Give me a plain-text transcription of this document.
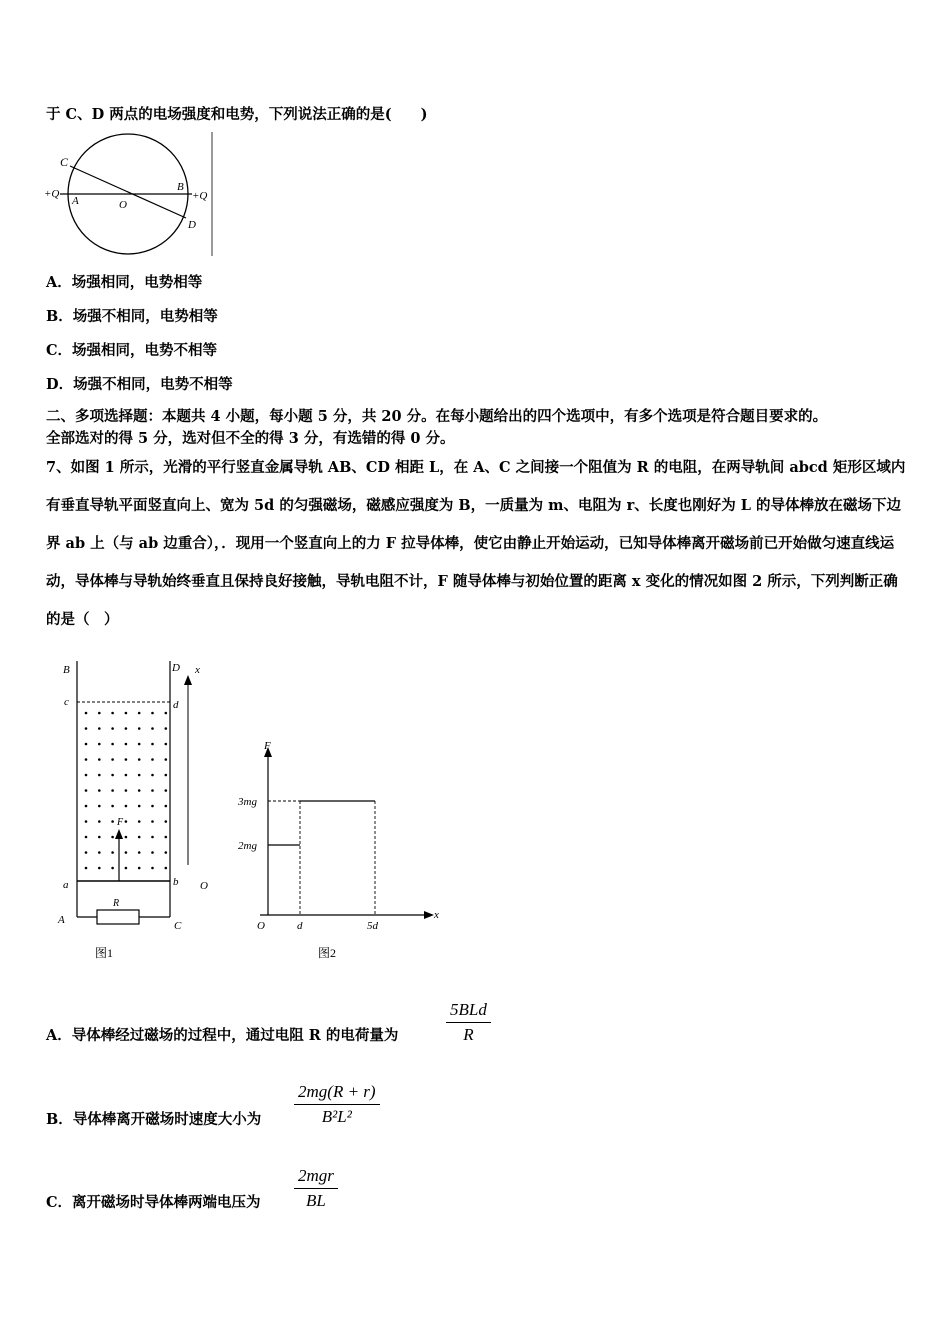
于 C、D 两点的电场强度和电势，下列说法正确的是(　　)
C
+Q
A	O
B
+Q
D
A．场强相同，电势相等
B．场强不相同，电势相等
C．场强相同，电势不相等
D．场强不相同，电势不相等
二、多项选择题：本题共 4 小题，每小题 5 分，共 20 分。在每小题给出的四个选项中，有多个选项是符合题目要求的。
全部选对的得 5 分，选对但不全的得 3 分，有选错的得 0 分。
7、如图 1 所示，光滑的平行竖直金属导轨 AB、CD 相距 L，在 A、C 之间接一个阻值为 R 的电阻，在两导轨间 abcd 矩形区域内有垂直导轨平面竖直向上、宽为 5d 的匀强磁场，磁感应强度为 B，一质量为 m、电阻为 r、长度也刚好为 L 的导体棒放在磁场下边界 ab 上（与 ab 边重合），．现用一个竖直向上的力 F 拉导体棒，使它由静止开始运动，已知导体棒离开磁场前已开始做匀速直线运动，导体棒与导轨始终垂直且保持良好接触，导轨电阻不计，F 随导体棒与初始位置的距离 x 变化的情况如图 2 所示，下列判断正确的是（　）
B	D x
c	d
F
a	b O
A
R
C
图1
F
x
O
3mg
2mg
d	5d
图2
A．导体棒经过磁场的过程中，通过电阻 R 的电荷量为
5BLd
R
B．导体棒离开磁场时速度大小为 $\frac{2mg(R + r)}{\text{B²L²}}$
C．离开磁场时导体棒两端电压为
2mgr
BL
